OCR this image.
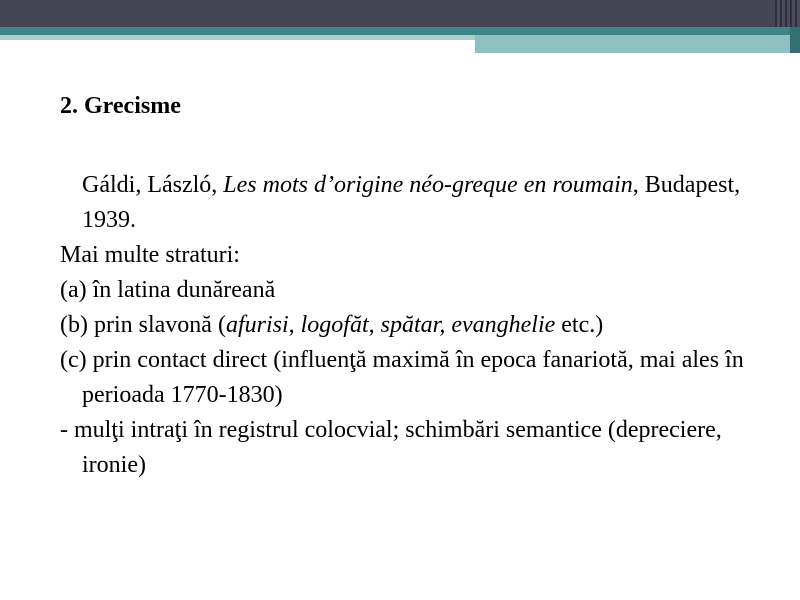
2. Grecisme

Gáldi, László, Les mots d’origine néo-greque en roumain, Budapest, 1939.

Mai multe straturi:

(a) în latina dunăreană

(b) prin slavonă (afurisi, logofăt, spătar, evanghelie etc.)

(c) prin contact direct (influenţă maximă în epoca fanariotă, mai ales în perioada 1770-1830)

- mulţi intraţi în registrul colocvial; schimbări semantice (depreciere, ironie)
